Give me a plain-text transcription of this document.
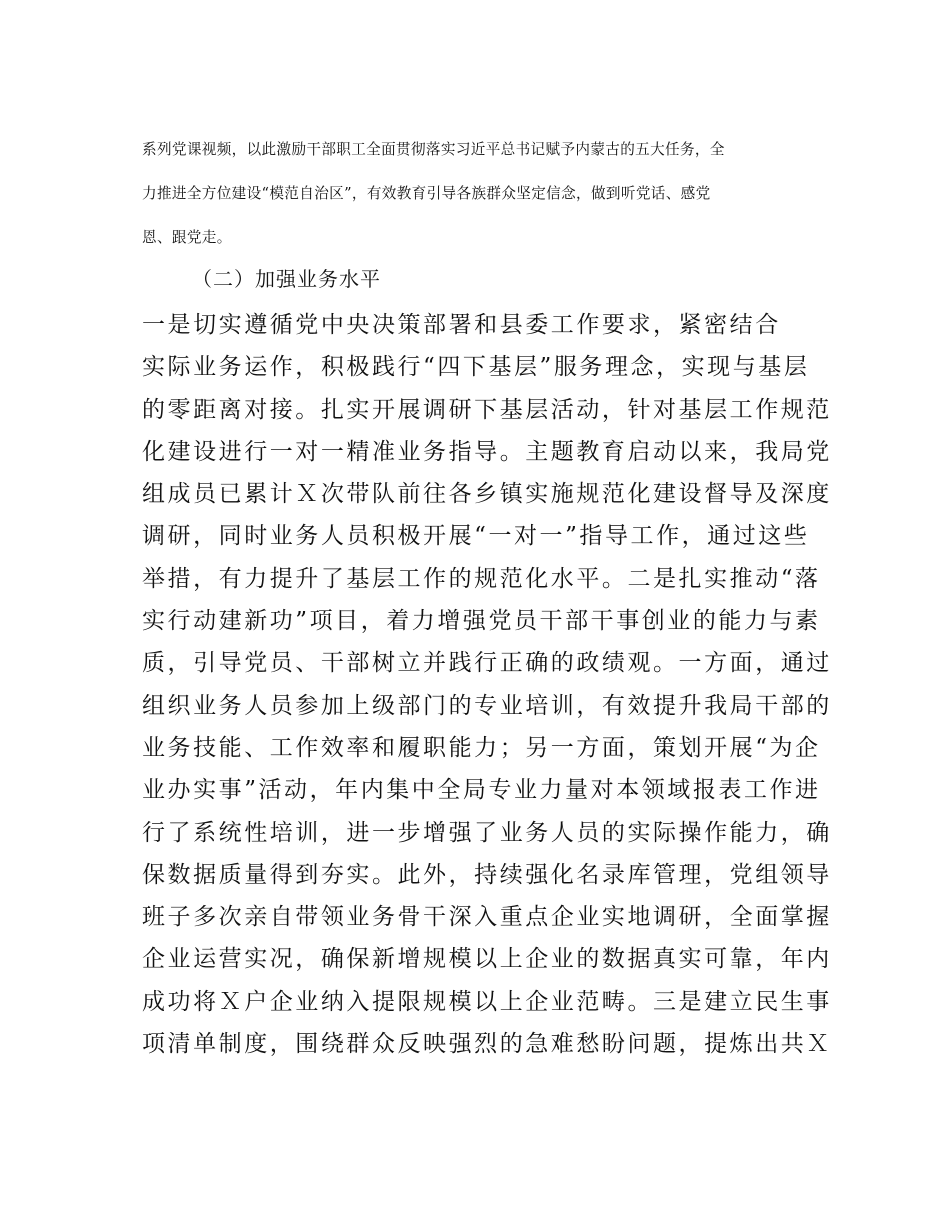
系列党课视频，以此激励干部职工全面贯彻落实习近平总书记赋予内蒙古的五大任务，全
力推进全方位建设“模范自治区”，有效教育引导各族群众坚定信念，做到听党话、感党
恩、跟党走。
（二）加强业务水平
一是切实遵循党中央决策部署和县委工作要求，紧密结合
实际业务运作，积极践行“四下基层”服务理念，实现与基层
的零距离对接。扎实开展调研下基层活动，针对基层工作规范
化建设进行一对一精准业务指导。主题教育启动以来，我局党
组成员已累计Ｘ次带队前往各乡镇实施规范化建设督导及深度
调研，同时业务人员积极开展“一对一”指导工作，通过这些
举措，有力提升了基层工作的规范化水平。二是扎实推动“落
实行动建新功”项目，着力增强党员干部干事创业的能力与素
质，引导党员、干部树立并践行正确的政绩观。一方面，通过
组织业务人员参加上级部门的专业培训，有效提升我局干部的
业务技能、工作效率和履职能力；另一方面，策划开展“为企
业办实事”活动，年内集中全局专业力量对本领域报表工作进
行了系统性培训，进一步增强了业务人员的实际操作能力，确
保数据质量得到夯实。此外，持续强化名录库管理，党组领导
班子多次亲自带领业务骨干深入重点企业实地调研，全面掌握
企业运营实况，确保新增规模以上企业的数据真实可靠，年内
成功将Ｘ户企业纳入提限规模以上企业范畴。三是建立民生事
项清单制度，围绕群众反映强烈的急难愁盼问题，提炼出共Ｘ
